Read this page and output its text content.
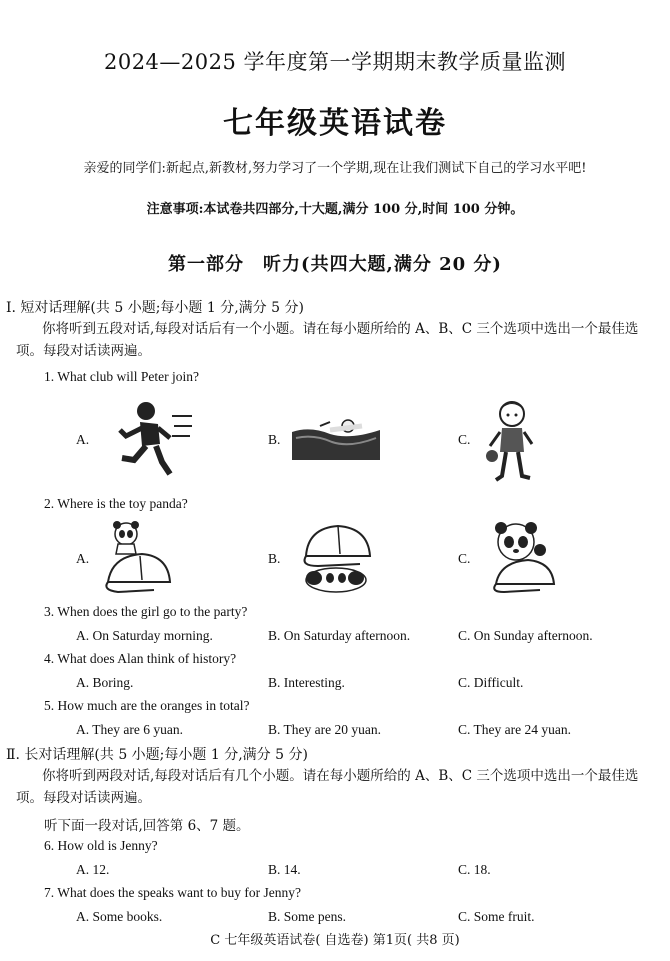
2024—2025 学年度第一学期期末教学质量监测
七年级英语试卷
亲爱的同学们:新起点,新教材,努力学习了一个学期,现在让我们测试下自己的学习水平吧!
注意事项:本试卷共四部分,十大题,满分 100 分,时间 100 分钟。
第一部分　听力(共四大题,满分 20 分)
Ⅰ. 短对话理解(共 5 小题;每小题 1 分,满分 5 分)
你将听到五段对话,每段对话后有一个小题。请在每小题所给的 A、B、C 三个选项中选出一个最佳选项。每段对话读两遍。
1. What club will Peter join?
A.	B.	C.
2. Where is the toy panda?
A.	B.	C.
3. When does the girl go to the party?
A. On Saturday morning.	B. On Saturday afternoon.	C. On Sunday afternoon.
4. What does Alan think of history?
A. Boring.	B. Interesting.	C. Difficult.
5. How much are the oranges in total?
A. They are 6 yuan.	B. They are 20 yuan.	C. They are 24 yuan.
Ⅱ. 长对话理解(共 5 小题;每小题 1 分,满分 5 分)
你将听到两段对话,每段对话后有几个小题。请在每小题所给的 A、B、C 三个选项中选出一个最佳选项。每段对话读两遍。
听下面一段对话,回答第 6、7 题。
6. How old is Jenny?
A. 12.	B. 14.	C. 18.
7. What does the speaks want to buy for Jenny?
A. Some books.	B. Some pens.	C. Some fruit.
C 七年级英语试卷( 自选卷) 第1页( 共8 页)
